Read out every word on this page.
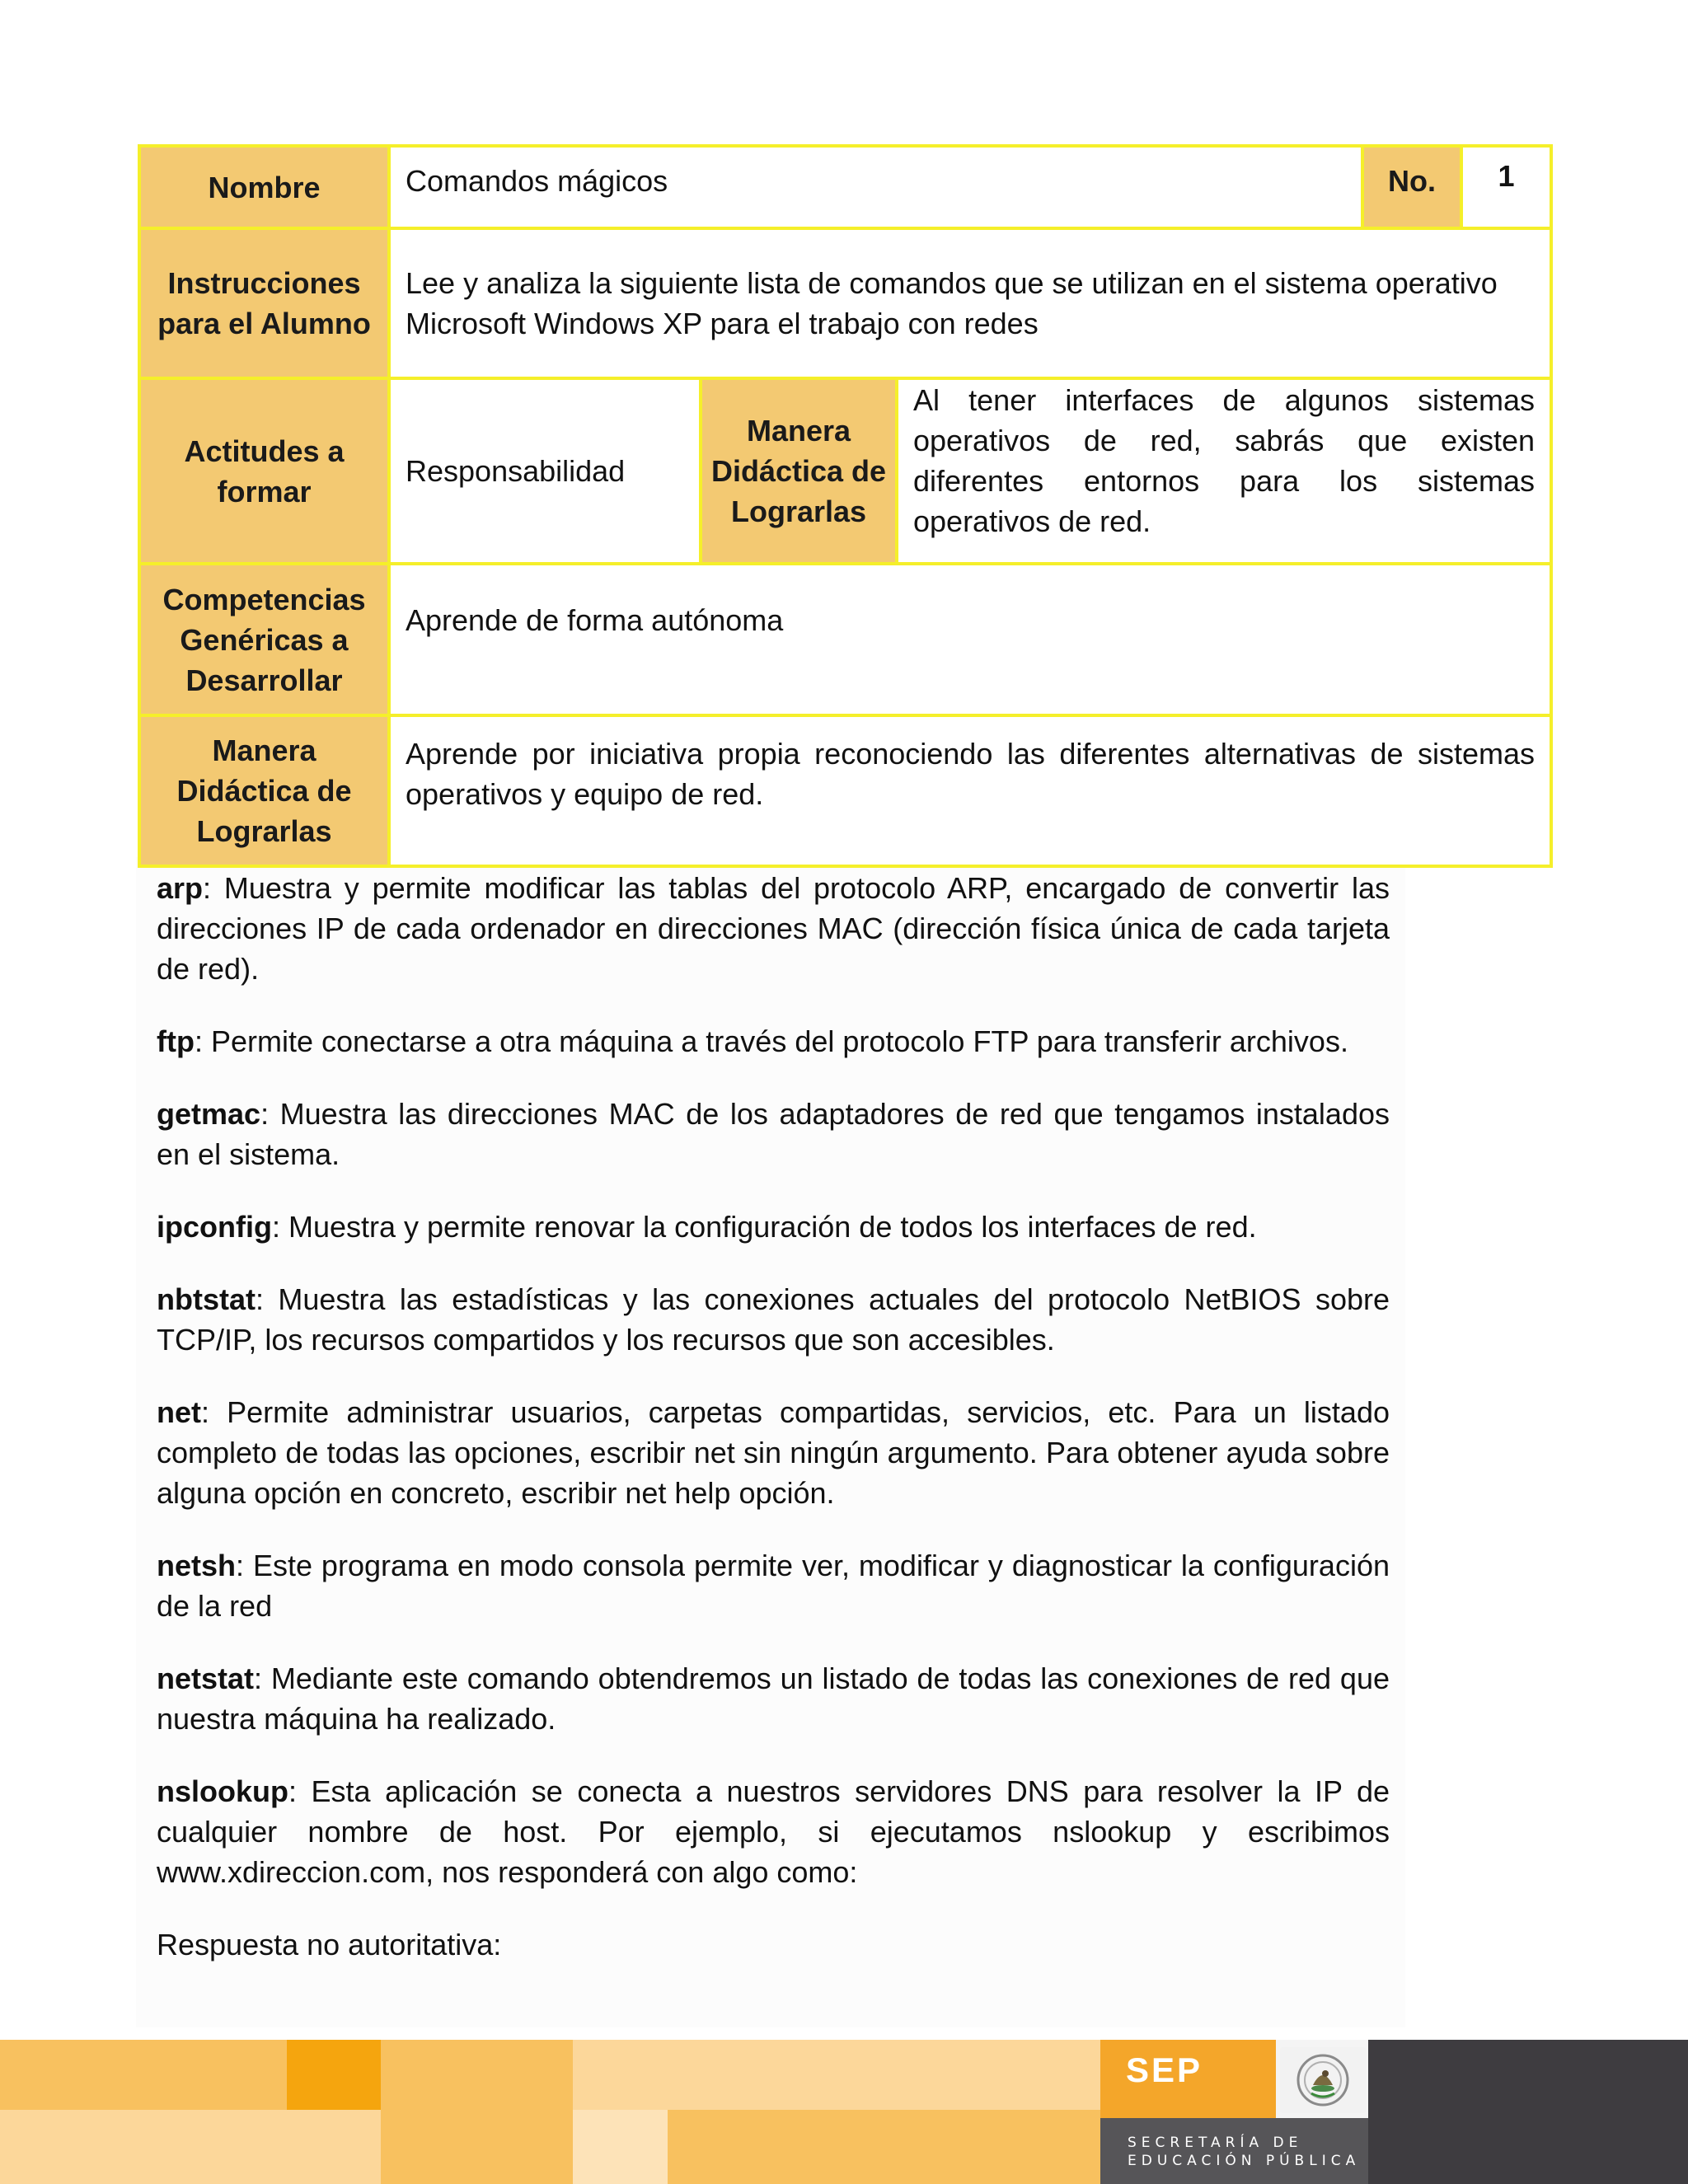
Nombre	Comandos mágicos			No.	1
Instrucciones para el Alumno	Lee y analiza la siguiente lista de comandos que se utilizan en el sistema operativo Microsoft Windows XP para el trabajo con redes				
Actitudes a formar	Responsabilidad	Manera Didáctica de Lograrlas	Al tener interfaces de algunos sistemas operativos de red, sabrás que existen diferentes entornos para los sistemas operativos de red.		
Competencias Genéricas a Desarrollar	Aprende de forma autónoma				
Manera Didáctica de Lograrlas	Aprende por iniciativa propia reconociendo las diferentes alternativas de sistemas operativos y equipo de red.				

arp: Muestra y permite modificar las tablas del protocolo ARP, encargado de convertir las direcciones IP de cada ordenador en direcciones MAC (dirección física única de cada tarjeta de red).

ftp: Permite conectarse a otra máquina a través del protocolo FTP para transferir archivos.

getmac: Muestra las direcciones MAC de los adaptadores de red que tengamos instalados en el sistema.

ipconfig: Muestra y permite renovar la configuración de todos los interfaces de red.

nbtstat: Muestra las estadísticas y las conexiones actuales del protocolo NetBIOS sobre TCP/IP, los recursos compartidos y los recursos que son accesibles.

net: Permite administrar usuarios, carpetas compartidas, servicios, etc. Para un listado completo de todas las opciones, escribir net sin ningún argumento. Para obtener ayuda sobre alguna opción en concreto, escribir net help opción.

netsh: Este programa en modo consola permite ver, modificar y diagnosticar la configuración de la red

netstat: Mediante este comando obtendremos un listado de todas las conexiones de red que nuestra máquina ha realizado.

nslookup: Esta aplicación se conecta a nuestros servidores DNS para resolver la IP de cualquier nombre de host. Por ejemplo, si ejecutamos nslookup y escribimos www.xdireccion.com, nos responderá con algo como:

Respuesta no autoritativa:

SEP
SECRETARÍA DE
EDUCACIÓN PÚBLICA
